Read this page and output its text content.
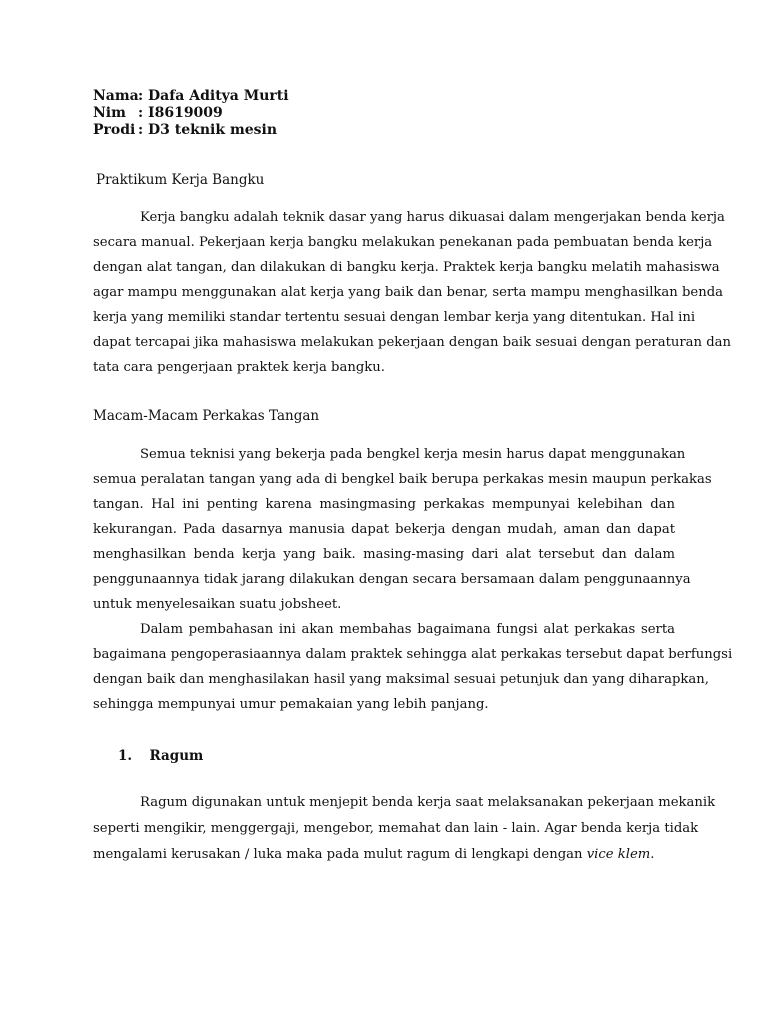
Nama: Dafa Aditya Murti
Nim : I8619009
Prodi : D3 teknik mesin
Praktikum Kerja Bangku
Kerja bangku adalah teknik dasar yang harus dikuasai dalam mengerjakan benda kerja
secara manual. Pekerjaan kerja bangku melakukan penekanan pada pembuatan benda kerja
dengan alat tangan, dan dilakukan di bangku kerja. Praktek kerja bangku melatih mahasiswa
agar mampu menggunakan alat kerja yang baik dan benar, serta mampu menghasilkan benda
kerja yang memiliki standar tertentu sesuai dengan lembar kerja yang ditentukan. Hal ini
dapat tercapai jika mahasiswa melakukan pekerjaan dengan baik sesuai dengan peraturan dan
tata cara pengerjaan praktek kerja bangku.
Macam-Macam Perkakas Tangan
Semua teknisi yang bekerja pada bengkel kerja mesin harus dapat menggunakan
semua peralatan tangan yang ada di bengkel baik berupa perkakas mesin maupun perkakas
tangan. Hal ini penting karena masingmasing perkakas mempunyai kelebihan dan
kekurangan. Pada dasarnya manusia dapat bekerja dengan mudah, aman dan dapat
menghasilkan benda kerja yang baik. masing-masing dari alat tersebut dan dalam
penggunaannya tidak jarang dilakukan dengan secara bersamaan dalam penggunaannya
untuk menyelesaikan suatu jobsheet.
Dalam pembahasan ini akan membahas bagaimana fungsi alat perkakas serta
bagaimana pengoperasiaannya dalam praktek sehingga alat perkakas tersebut dapat berfungsi
dengan baik dan menghasilakan hasil yang maksimal sesuai petunjuk dan yang diharapkan,
sehingga mempunyai umur pemakaian yang lebih panjang.
1. Ragum
Ragum digunakan untuk menjepit benda kerja saat melaksanakan pekerjaan mekanik
seperti mengikir, menggergaji, mengebor, memahat dan lain - lain. Agar benda kerja tidak
mengalami kerusakan / luka maka pada mulut ragum di lengkapi dengan vice klem.
